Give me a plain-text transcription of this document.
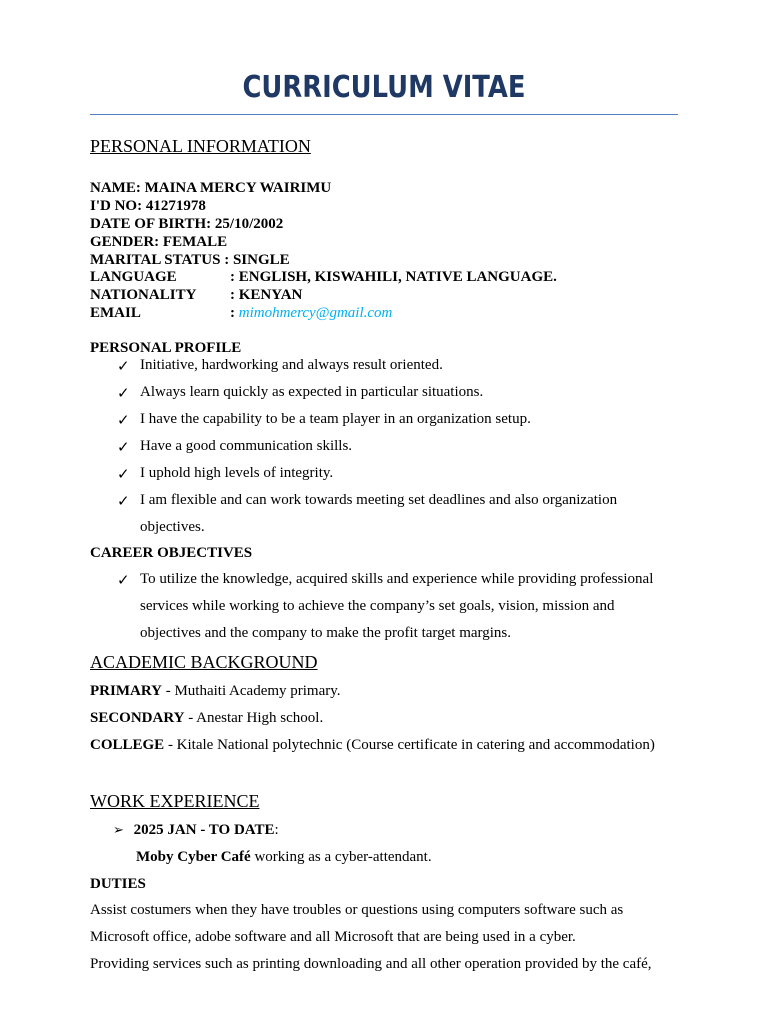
CURRICULUM VITAE
PERSONAL INFORMATION
NAME: MAINA MERCY WAIRIMU
I'D NO: 41271978
DATE OF BIRTH: 25/10/2002
GENDER: FEMALE
MARITAL STATUS : SINGLE
LANGUAGE	: ENGLISH, KISWAHILI, NATIVE LANGUAGE.
NATIONALITY : KENYAN
EMAIL	: mimohmercy@gmail.com
PERSONAL PROFILE
✓ Initiative, hardworking and always result oriented.
✓ Always learn quickly as expected in particular situations.
✓ I have the capability to be a team player in an organization setup.
✓ Have a good communication skills.
✓ I uphold high levels of integrity.
✓ I am flexible and can work towards meeting set deadlines and also organization
objectives.
CAREER OBJECTIVES
✓ To utilize the knowledge, acquired skills and experience while providing professional
services while working to achieve the company’s set goals, vision, mission and
objectives and the company to make the profit target margins.
ACADEMIC BACKGROUND
PRIMARY - Muthaiti Academy primary.
SECONDARY - Anestar High school.
COLLEGE - Kitale National polytechnic (Course certificate in catering and accommodation)
WORK EXPERIENCE
➢ 2025 JAN - TO DATE:
Moby Cyber Café working as a cyber-attendant.
DUTIES
Assist costumers when they have troubles or questions using computers software such as
Microsoft office, adobe software and all Microsoft that are being used in a cyber.
Providing services such as printing downloading and all other operation provided by the café,
